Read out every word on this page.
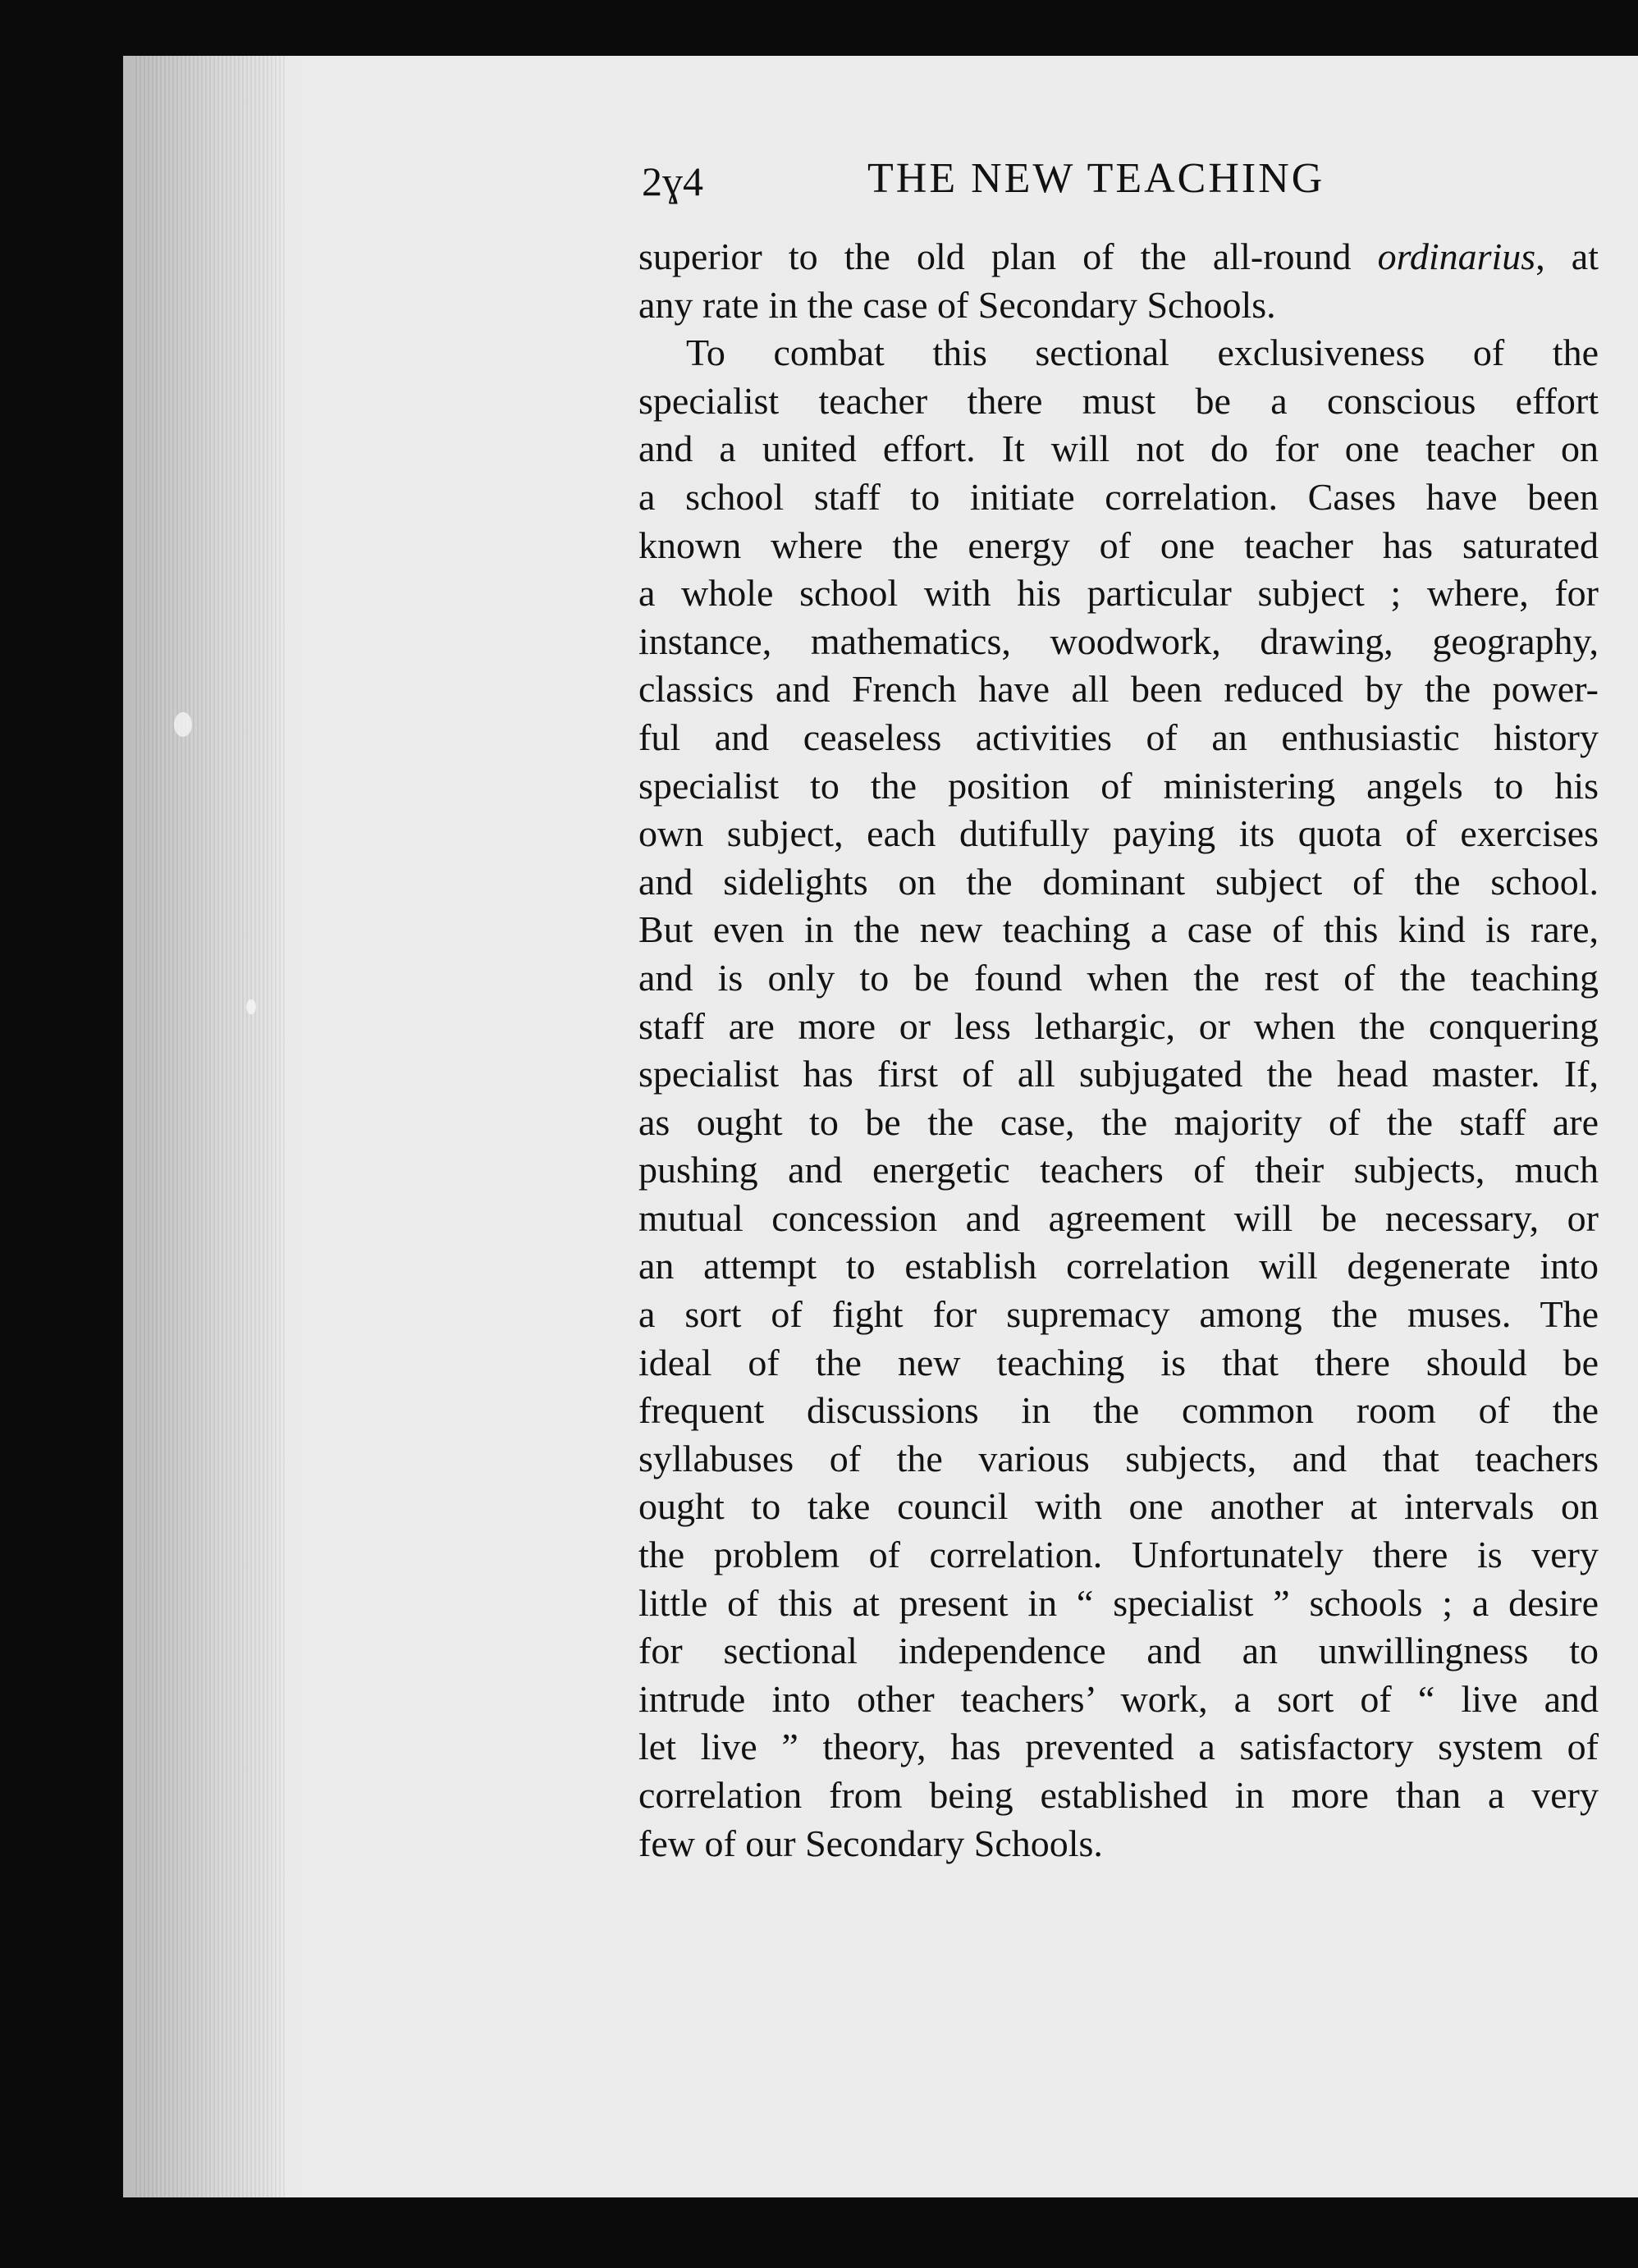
2ɣ4	THE NEW TEACHING
superior to the old plan of the all-round ordinarius, at
any rate in the case of Secondary Schools.
To combat this sectional exclusiveness of the
specialist teacher there must be a conscious effort
and a united effort. It will not do for one teacher on
a school staff to initiate correlation. Cases have been
known where the energy of one teacher has saturated
a whole school with his particular subject ; where, for
instance, mathematics, woodwork, drawing, geography,
classics and French have all been reduced by the power-
ful and ceaseless activities of an enthusiastic history
specialist to the position of ministering angels to his
own subject, each dutifully paying its quota of exercises
and sidelights on the dominant subject of the school.
But even in the new teaching a case of this kind is rare,
and is only to be found when the rest of the teaching
staff are more or less lethargic, or when the conquering
specialist has first of all subjugated the head master. If,
as ought to be the case, the majority of the staff are
pushing and energetic teachers of their subjects, much
mutual concession and agreement will be necessary, or
an attempt to establish correlation will degenerate into
a sort of fight for supremacy among the muses. The
ideal of the new teaching is that there should be
frequent discussions in the common room of the
syllabuses of the various subjects, and that teachers
ought to take council with one another at intervals on
the problem of correlation. Unfortunately there is very
little of this at present in “ specialist ” schools ; a desire
for sectional independence and an unwillingness to
intrude into other teachers’ work, a sort of “ live and
let live ” theory, has prevented a satisfactory system of
correlation from being established in more than a very
few of our Secondary Schools.
